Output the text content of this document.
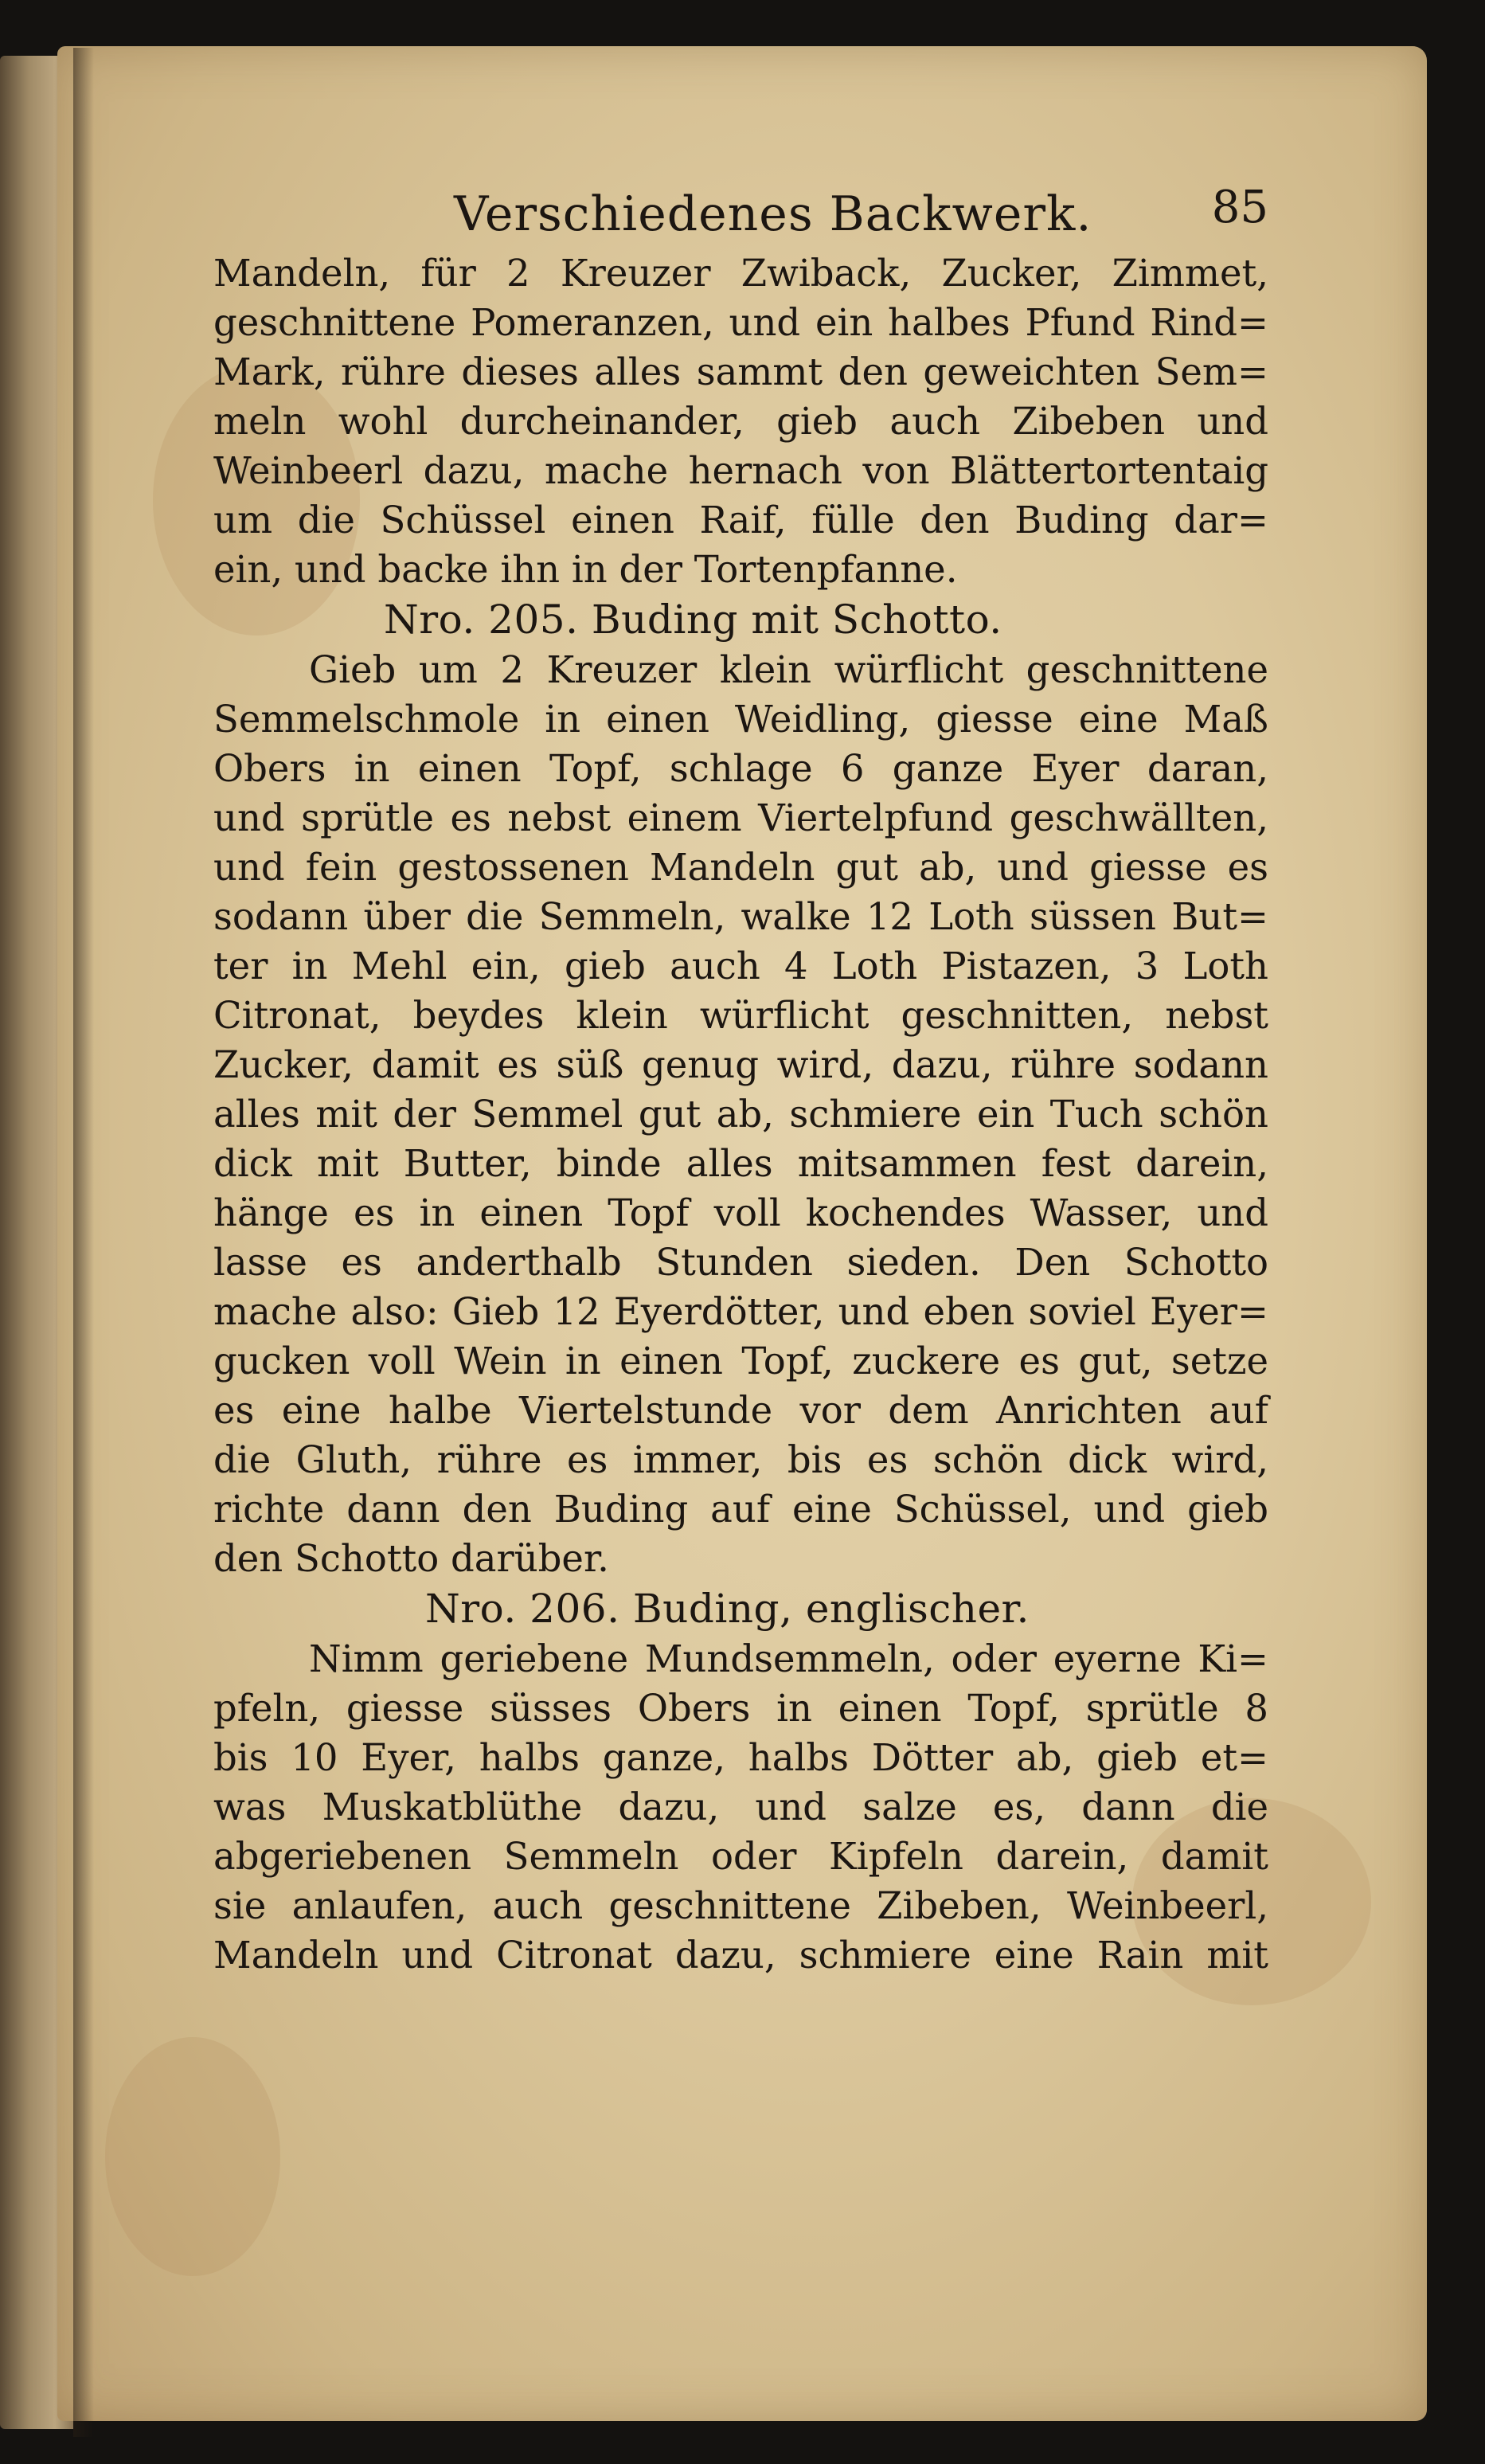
Verschiedenes Backwerk.	85
Mandeln, für 2 Kreuzer Zwiback, Zucker, Zimmet,
geschnittene Pomeranzen, und ein halbes Pfund Rind=
Mark, rühre dieses alles sammt den geweichten Sem=
meln wohl durcheinander, gieb auch Zibeben und
Weinbeerl dazu, mache hernach von Blättertortentaig
um die Schüssel einen Raif, fülle den Buding dar=
ein, und backe ihn in der Tortenpfanne.
Nro. 205. Buding mit Schotto.
Gieb um 2 Kreuzer klein würflicht geschnittene
Semmelschmole in einen Weidling, giesse eine Maß
Obers in einen Topf, schlage 6 ganze Eyer daran,
und sprütle es nebst einem Viertelpfund geschwällten,
und fein gestossenen Mandeln gut ab, und giesse es
sodann über die Semmeln, walke 12 Loth süssen But=
ter in Mehl ein, gieb auch 4 Loth Pistazen, 3 Loth
Citronat, beydes klein würflicht geschnitten, nebst
Zucker, damit es süß genug wird, dazu, rühre sodann
alles mit der Semmel gut ab, schmiere ein Tuch schön
dick mit Butter, binde alles mitsammen fest darein,
hänge es in einen Topf voll kochendes Wasser, und
lasse es anderthalb Stunden sieden. Den Schotto
mache also: Gieb 12 Eyerdötter, und eben soviel Eyer=
gucken voll Wein in einen Topf, zuckere es gut, setze
es eine halbe Viertelstunde vor dem Anrichten auf
die Gluth, rühre es immer, bis es schön dick wird,
richte dann den Buding auf eine Schüssel, und gieb
den Schotto darüber.
Nro. 206. Buding, englischer.
Nimm geriebene Mundsemmeln, oder eyerne Ki=
pfeln, giesse süsses Obers in einen Topf, sprütle 8
bis 10 Eyer, halbs ganze, halbs Dötter ab, gieb et=
was Muskatblüthe dazu, und salze es, dann die
abgeriebenen Semmeln oder Kipfeln darein, damit
sie anlaufen, auch geschnittene Zibeben, Weinbeerl,
Mandeln und Citronat dazu, schmiere eine Rain mit
